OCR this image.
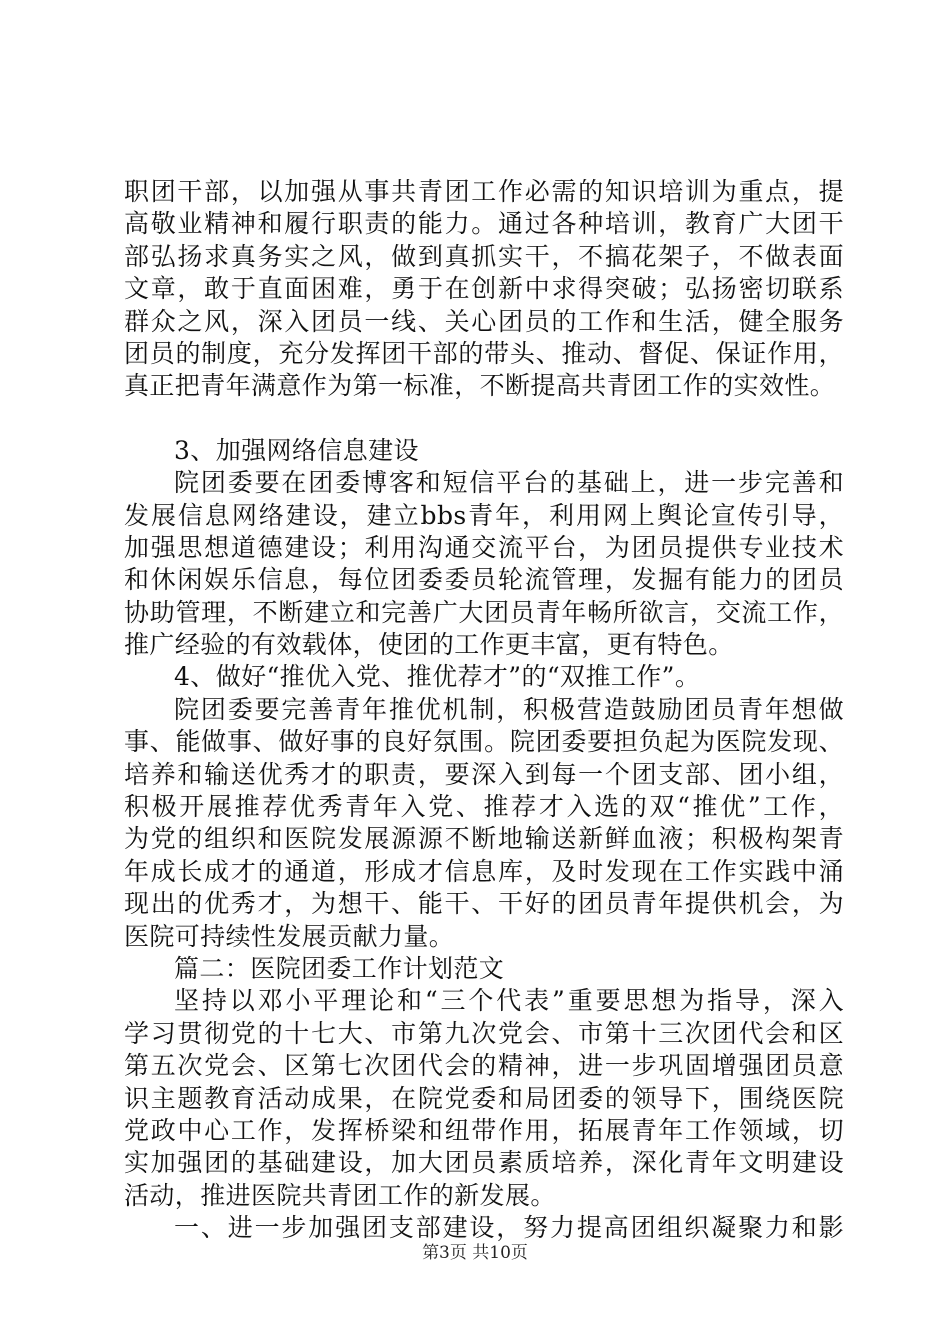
职团干部，以加强从事共青团工作必需的知识培训为重点，提
高敬业精神和履行职责的能力。通过各种培训，教育广大团干
部弘扬求真务实之风，做到真抓实干，不搞花架子，不做表面
文章，敢于直面困难，勇于在创新中求得突破；弘扬密切联系
群众之风，深入团员一线、关心团员的工作和生活，健全服务
团员的制度，充分发挥团干部的带头、推动、督促、保证作用，
真正把青年满意作为第一标准，不断提高共青团工作的实效性。
3、加强网络信息建设
院团委要在团委博客和短信平台的基础上，进一步完善和
发展信息网络建设，建立bbs青年，利用网上舆论宣传引导，
加强思想道德建设；利用沟通交流平台，为团员提供专业技术
和休闲娱乐信息，每位团委委员轮流管理，发掘有能力的团员
协助管理，不断建立和完善广大团员青年畅所欲言，交流工作，
推广经验的有效载体，使团的工作更丰富，更有特色。
4、做好“推优入党、推优荐才”的“双推工作”。
院团委要完善青年推优机制，积极营造鼓励团员青年想做
事、能做事、做好事的良好氛围。院团委要担负起为医院发现、
培养和输送优秀才的职责，要深入到每一个团支部、团小组，
积极开展推荐优秀青年入党、推荐才入选的双“推优”工作，
为党的组织和医院发展源源不断地输送新鲜血液；积极构架青
年成长成才的通道，形成才信息库，及时发现在工作实践中涌
现出的优秀才，为想干、能干、干好的团员青年提供机会，为
医院可持续性发展贡献力量。
篇二：医院团委工作计划范文
坚持以邓小平理论和“三个代表”重要思想为指导，深入
学习贯彻党的十七大、市第九次党会、市第十三次团代会和区
第五次党会、区第七次团代会的精神，进一步巩固增强团员意
识主题教育活动成果，在院党委和局团委的领导下，围绕医院
党政中心工作，发挥桥梁和纽带作用，拓展青年工作领域，切
实加强团的基础建设，加大团员素质培养，深化青年文明建设
活动，推进医院共青团工作的新发展。
一、进一步加强团支部建设，努力提高团组织凝聚力和影
第3页 共10页
